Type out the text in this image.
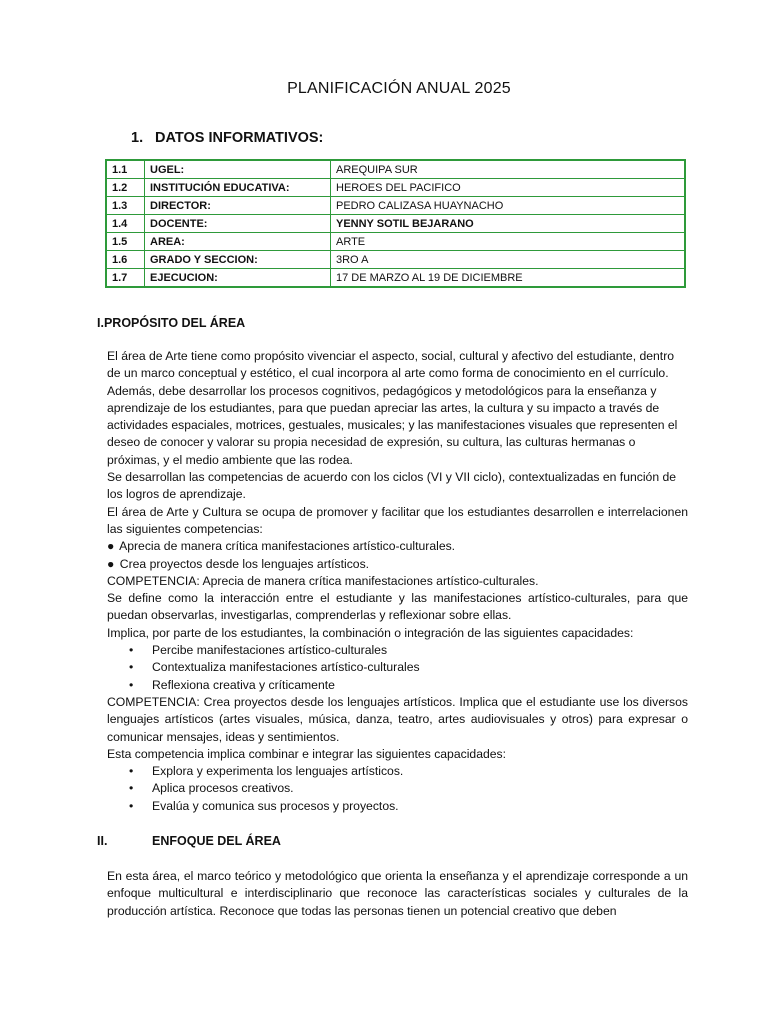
PLANIFICACIÓN ANUAL 2025
1. DATOS INFORMATIVOS:
1.1	UGEL:	AREQUIPA SUR
1.2	INSTITUCIÓN EDUCATIVA:	HEROES DEL PACIFICO
1.3	DIRECTOR:	PEDRO CALIZASA HUAYNACHO
1.4	DOCENTE:	YENNY SOTIL BEJARANO
1.5	AREA:	ARTE
1.6	GRADO Y SECCION:	3RO A
1.7	EJECUCION:	17 DE MARZO AL 19 DE DICIEMBRE
I.PROPÓSITO DEL ÁREA

El área de Arte tiene como propósito vivenciar el aspecto, social, cultural y afectivo del estudiante, dentro de un marco conceptual y estético, el cual incorpora al arte como forma de conocimiento en el currículo. Además, debe desarrollar los procesos cognitivos, pedagógicos y metodológicos para la enseñanza y aprendizaje de los estudiantes, para que puedan apreciar las artes, la cultura y su impacto a través de actividades espaciales, motrices, gestuales, musicales; y las manifestaciones visuales que representen el deseo de conocer y valorar su propia necesidad de expresión, su cultura, las culturas hermanas o próximas, y el medio ambiente que las rodea.

Se desarrollan las competencias de acuerdo con los ciclos (VI y VII ciclo), contextualizadas en función de los logros de aprendizaje.

El área de Arte y Cultura se ocupa de promover y facilitar que los estudiantes desarrollen e interrelacionen las siguientes competencias:

● Aprecia de manera crítica manifestaciones artístico-culturales.

● Crea proyectos desde los lenguajes artísticos.

COMPETENCIA: Aprecia de manera crítica manifestaciones artístico-culturales.

Se define como la interacción entre el estudiante y las manifestaciones artístico-culturales, para que puedan observarlas, investigarlas, comprenderlas y reflexionar sobre ellas.

Implica, por parte de los estudiantes, la combinación o integración de las siguientes capacidades:

• Percibe manifestaciones artístico-culturales

• Contextualiza manifestaciones artístico-culturales

• Reflexiona creativa y críticamente

COMPETENCIA: Crea proyectos desde los lenguajes artísticos. Implica que el estudiante use los diversos lenguajes artísticos (artes visuales, música, danza, teatro, artes audiovisuales y otros) para expresar o comunicar mensajes, ideas y sentimientos.

Esta competencia implica combinar e integrar las siguientes capacidades:

• Explora y experimenta los lenguajes artísticos.

• Aplica procesos creativos.

• Evalúa y comunica sus procesos y proyectos.

II.	ENFOQUE DEL ÁREA

En esta área, el marco teórico y metodológico que orienta la enseñanza y el aprendizaje corresponde a un enfoque multicultural e interdisciplinario que reconoce las características sociales y culturales de la producción artística. Reconoce que todas las personas tienen un potencial creativo que deben
